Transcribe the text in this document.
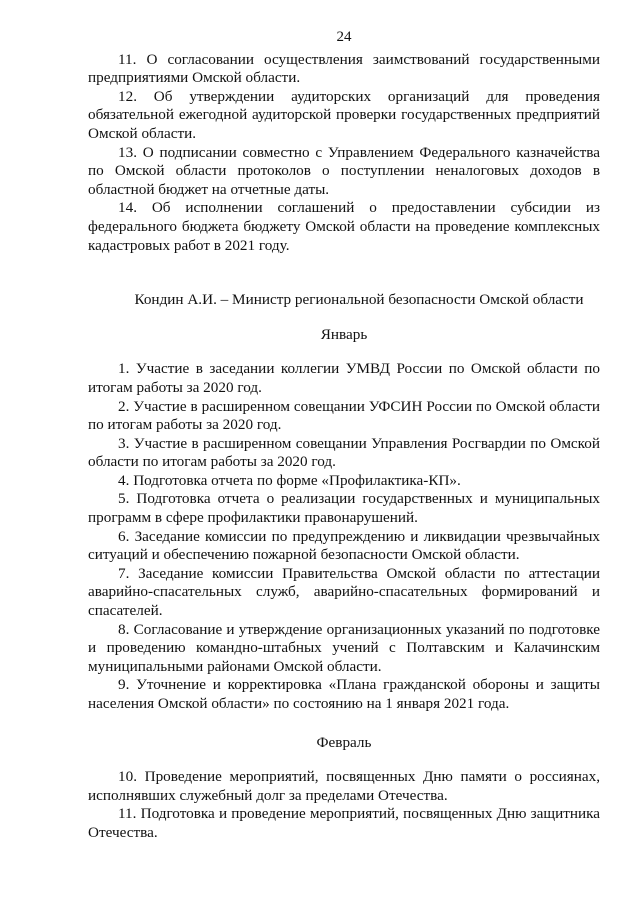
24

11. О согласовании осуществления заимствований государственными предприятиями Омской области.

12. Об утверждении аудиторских организаций для проведения обязательной ежегодной аудиторской проверки государственных предприятий Омской области.

13. О подписании совместно с Управлением Федерального казначейства по Омской области протоколов о поступлении неналоговых доходов в областной бюджет на отчетные даты.

14. Об исполнении соглашений о предоставлении субсидии из федерального бюджета бюджету Омской области на проведение комплексных кадастровых работ в 2021 году.

Кондин А.И. – Министр региональной безопасности Омской области

Январь

1. Участие в заседании коллегии УМВД России по Омской области по итогам работы за 2020 год.

2. Участие в расширенном совещании УФСИН России по Омской области по итогам работы за 2020 год.

3. Участие в расширенном совещании Управления Росгвардии по Омской области по итогам работы за 2020 год.

4. Подготовка отчета по форме «Профилактика-КП».

5. Подготовка отчета о реализации государственных и муниципальных программ в сфере профилактики правонарушений.

6. Заседание комиссии по предупреждению и ликвидации чрезвычайных ситуаций и обеспечению пожарной безопасности Омской области.

7. Заседание комиссии Правительства Омской области по аттестации аварийно-спасательных служб, аварийно-спасательных формирований и спасателей.

8. Согласование и утверждение организационных указаний по подготовке и проведению командно-штабных учений с Полтавским и Калачинским муниципальными районами Омской области.

9. Уточнение и корректировка «Плана гражданской обороны и защиты населения Омской области» по состоянию на 1 января 2021 года.

Февраль

10. Проведение мероприятий, посвященных Дню памяти о россиянах, исполнявших служебный долг за пределами Отечества.

11. Подготовка и проведение мероприятий, посвященных Дню защитника Отечества.
